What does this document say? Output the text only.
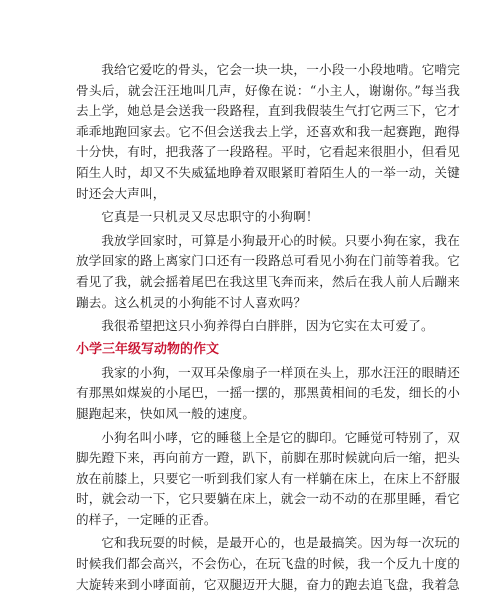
我给它爱吃的骨头，它会一块一块，一小段一小段地啃。它啃完骨头后，就会汪汪地叫几声，好像在说：“小主人，谢谢你。”每当我去上学，她总是会送我一段路程，直到我假装生气打它两三下，它才乖乖地跑回家去。它不但会送我去上学，还喜欢和我一起赛跑，跑得十分快，有时，把我落了一段路程。平时，它看起来很胆小，但看见陌生人时，却又不失威猛地睁着双眼紧盯着陌生人的一举一动，关键时还会大声叫，

它真是一只机灵又尽忠职守的小狗啊！

我放学回家时，可算是小狗最开心的时候。只要小狗在家，我在放学回家的路上离家门口还有一段路总可看见小狗在门前等着我。它看见了我，就会摇着尾巴在我这里飞奔而来，然后在我人前人后蹦来蹦去。这么机灵的小狗能不讨人喜欢吗？

我很希望把这只小狗养得白白胖胖，因为它实在太可爱了。

小学三年级写动物的作文

我家的小狗，一双耳朵像扇子一样顶在头上，那水汪汪的眼睛还有那黑如煤炭的小尾巴，一摇一摆的，那黑黄相间的毛发，细长的小腿跑起来，快如风一般的速度。

小狗名叫小哮，它的睡毯上全是它的脚印。它睡觉可特别了，双脚先蹬下来，再向前方一蹬，趴下，前脚在那时候就向后一缩，把头放在前膝上，只要它一听到我们家人有一样躺在床上，在床上不舒服时，就会动一下，它只要躺在床上，就会一动不动的在那里睡，看它的样子，一定睡的正香。

它和我玩耍的时候，是最开心的，也是最搞笑。因为每一次玩的时候我们都会高兴，不会伤心，在玩飞盘的时候，我一个反九十度的大旋转来到小哮面前，它双腿迈开大腿，奋力的跑去追飞盘，我着急
